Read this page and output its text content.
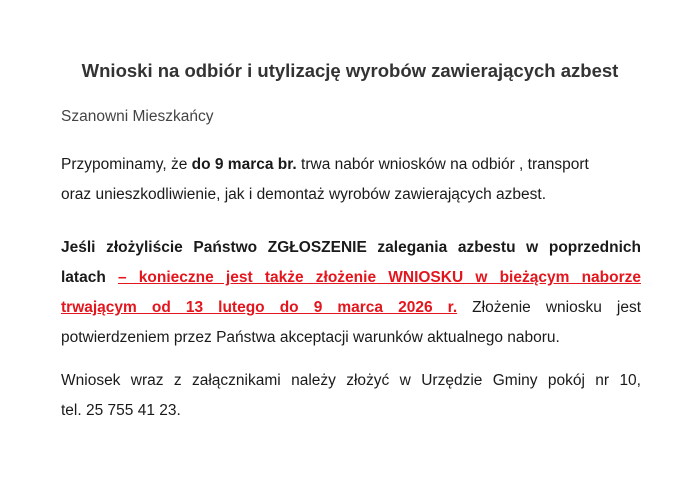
Wnioski na odbiór i utylizację wyrobów zawierających azbest
Szanowni Mieszkańcy

Przypominamy, że do 9 marca br. trwa nabór wniosków na odbiór , transport
oraz unieszkodliwienie, jak i demontaż wyrobów zawierających azbest.

Jeśli złożyliście Państwo ZGŁOSZENIE zalegania azbestu w poprzednich
latach – konieczne jest także złożenie WNIOSKU w bieżącym naborze
trwającym od 13 lutego do 9 marca 2026 r. Złożenie wniosku jest
potwierdzeniem przez Państwa akceptacji warunków aktualnego naboru.

Wniosek wraz z załącznikami należy złożyć w Urzędzie Gminy pokój nr 10,
tel. 25 755 41 23.
